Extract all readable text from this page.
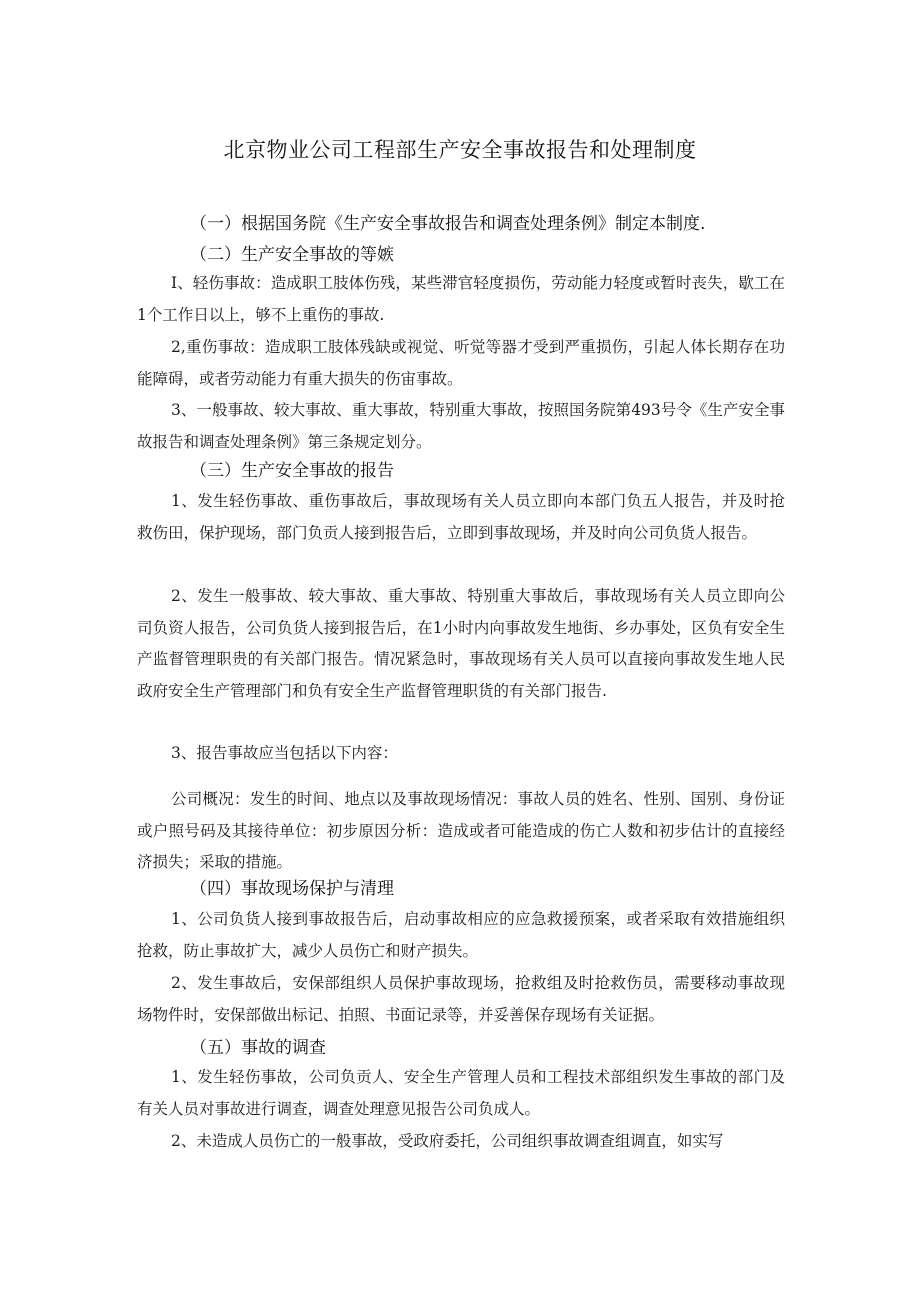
北京物业公司工程部生产安全事故报告和处理制度
（一）根据国务院《生产安全事故报告和调查处理条例》制定本制度.
（二）生产安全事故的等嫉
I、轻伤事故：造成职工肢体伤残，某些滞官轻度损伤，劳动能力轻度或暂时丧失，歇工在1个工作日以上，够不上重伤的事故.
2,重伤事故：造成职工肢体残缺或视觉、听觉等器才受到严重损伤，引起人体长期存在功能障碍，或者劳动能力有重大损失的伤宙事故。
3、一般事故、较大事故、重大事故，特别重大事故，按照国务院第493号令《生产安全事故报告和调查处理条例》第三条规定划分。
（三）生产安全事故的报告
1、发生轻伤事故、重伤事故后，事故现场有关人员立即向本部门负五人报告，并及时抢救伤田，保护现场，部门负贡人接到报告后，立即到事故现场，并及时向公司负货人报告。
2、发生一般事故、较大事故、重大事故、特别重大事故后，事故现场有关人员立即向公司负资人报告，公司负货人接到报告后，在1小时内向事故发生地街、乡办事处，区负有安全生产监督管理职贵的有关部门报告。情况紧急时，事故现场有关人员可以直接向事故发生地人民政府安全生产管理部门和负有安全生产监督管理职货的有关部门报告.
3、报告事故应当包括以下内容：
公司概况：发生的时间、地点以及事故现场情况：事故人员的姓名、性别、国别、身份证或户照号码及其接待单位：初步原因分析：造成或者可能造成的伤亡人数和初步估计的直接经济损失；采取的措施。
（四）事故现场保护与清理
1、公司负货人接到事故报告后，启动事故相应的应急救援预案，或者采取有效措施组织抢救，防止事故扩大，减少人员伤亡和财产损失。
2、发生事故后，安保部组织人员保护事故现场，抢救组及时抢救伤员，需要移动事故现场物件时，安保部做出标记、拍照、书面记录等，并妥善保存现场有关证据。
（五）事故的调查
1、发生轻伤事故，公司负贡人、安全生产管理人员和工程技术部组织发生事故的部门及有关人员对事故进行调查，调查处理意见报告公司负成人。
2、未造成人员伤亡的一般事故，受政府委托，公司组织事故调查组调直，如实写
